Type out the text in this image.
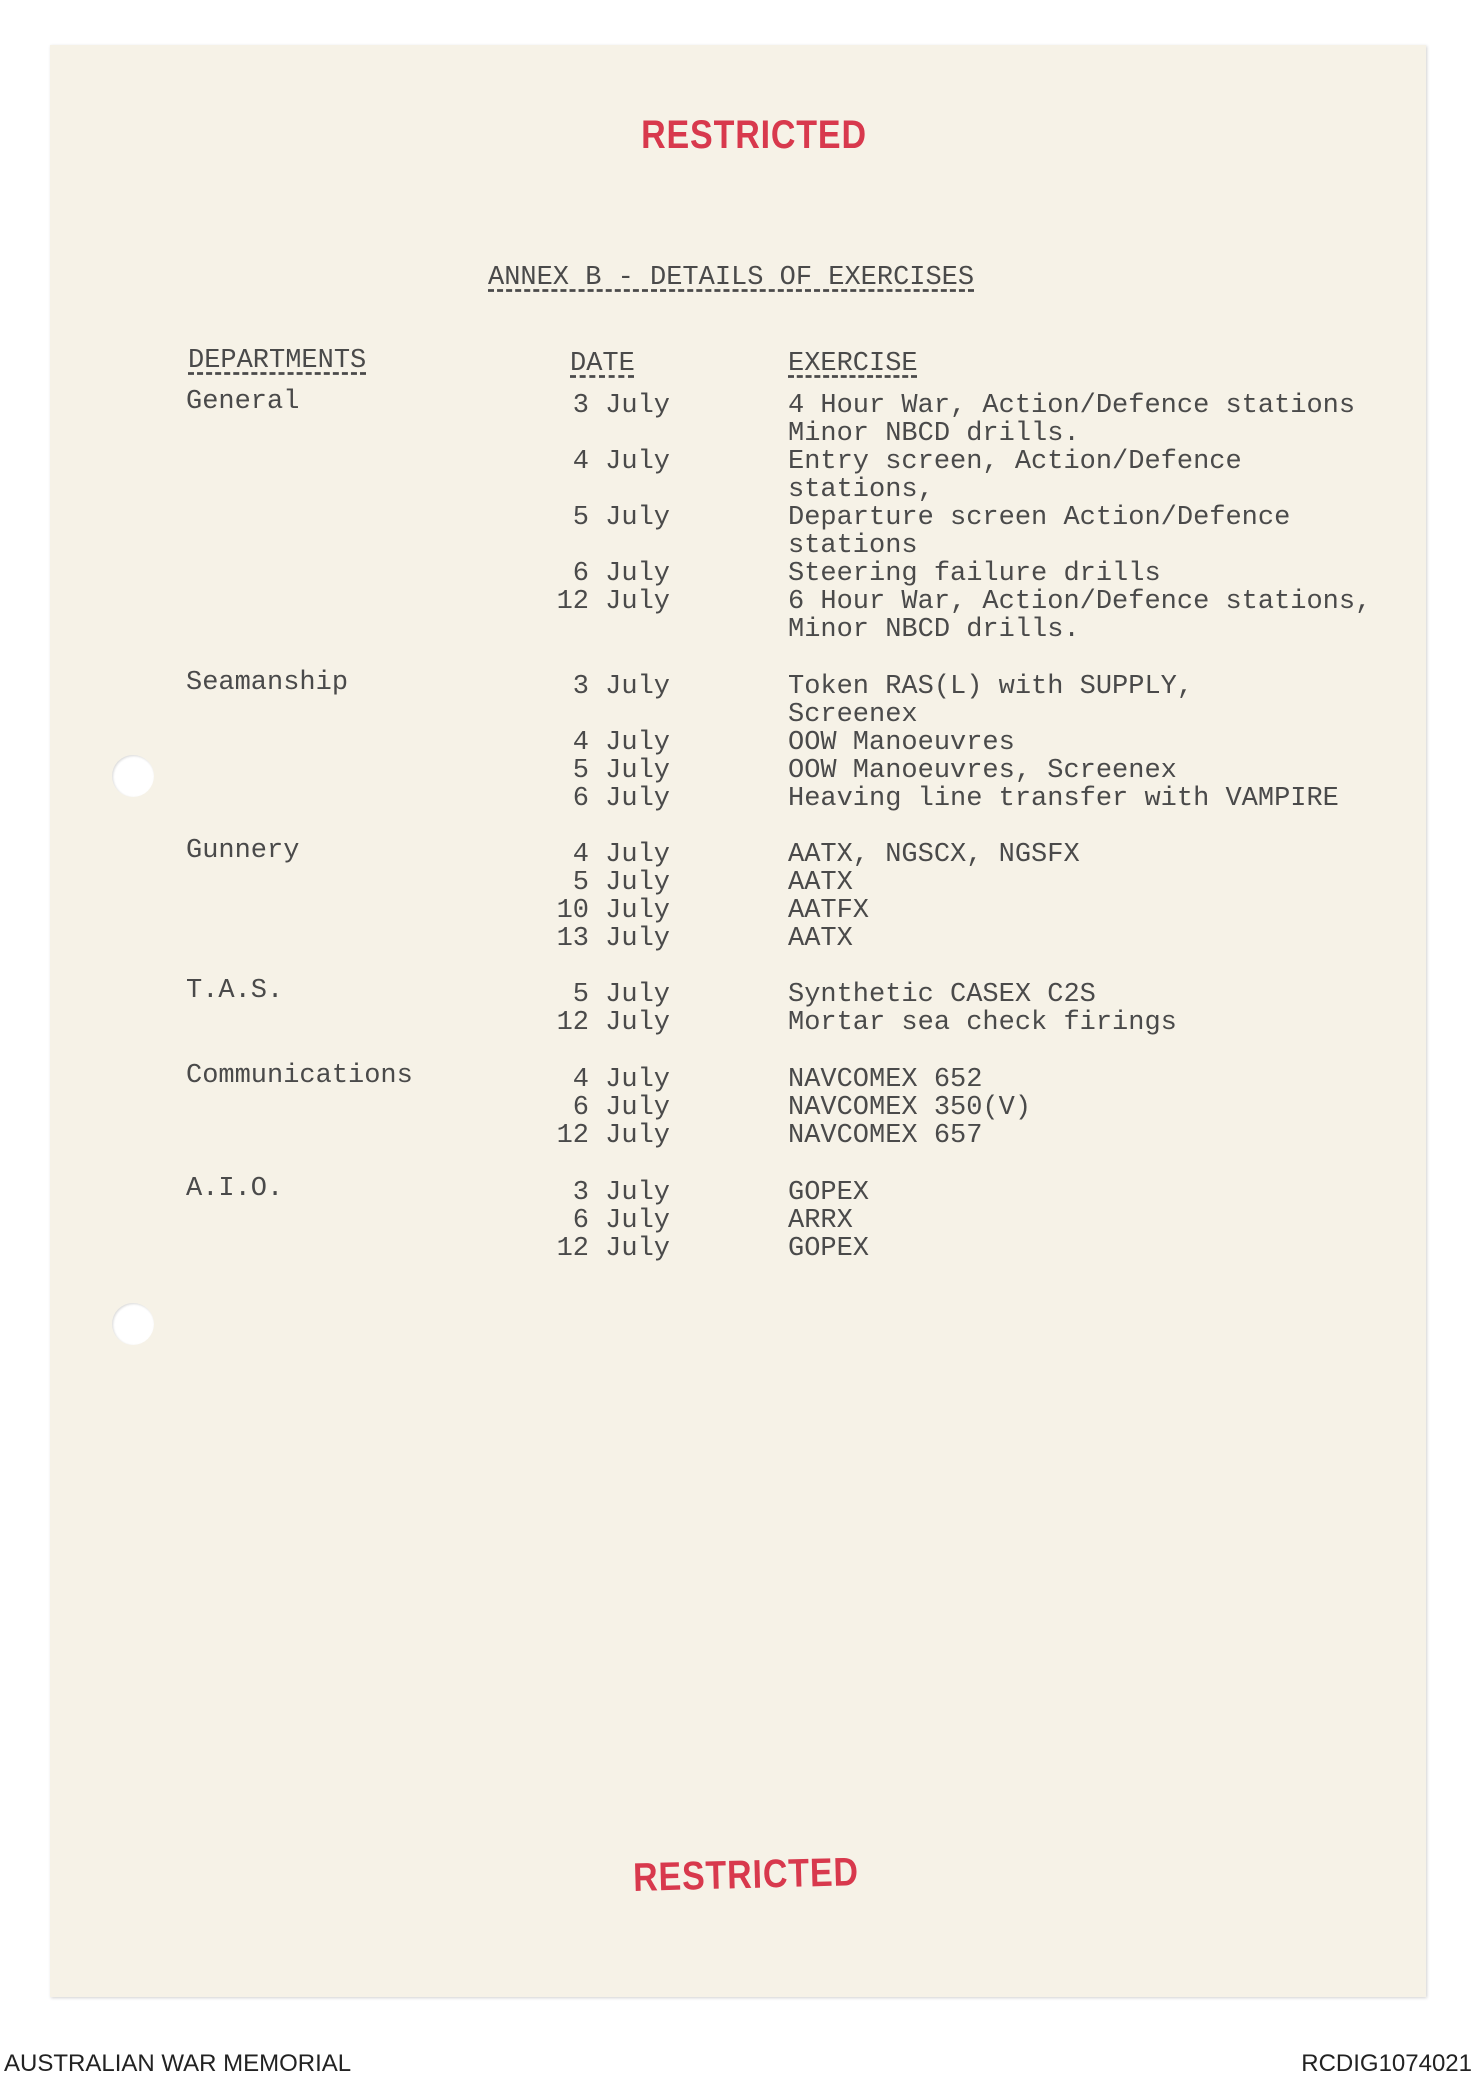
RESTRICTED
ANNEX B - DETAILS OF EXERCISES
DEPARTMENTS	DATE	EXERCISE
General	3 July	4 Hour War, Action/Defence stations
Minor NBCD drills.
4 July	Entry screen, Action/Defence
stations,
5 July	Departure screen Action/Defence
stations
6 July	Steering failure drills
12 July	6 Hour War, Action/Defence stations,
Minor NBCD drills.
Seamanship	3 July	Token RAS(L) with SUPPLY,
Screenex
4 July	OOW Manoeuvres
5 July	OOW Manoeuvres, Screenex
6 July	Heaving line transfer with VAMPIRE
Gunnery	4 July	AATX, NGSCX, NGSFX
5 July	AATX
10 July	AATFX
13 July	AATX
T.A.S.	5 July	Synthetic CASEX C2S
12 July	Mortar sea check firings
Communications	4 July	NAVCOMEX 652
6 July	NAVCOMEX 350(V)
12 July	NAVCOMEX 657
A.I.O.	3 July	GOPEX
6 July	ARRX
12 July	GOPEX
RESTRICTED
AUSTRALIAN WAR MEMORIAL	RCDIG1074021
